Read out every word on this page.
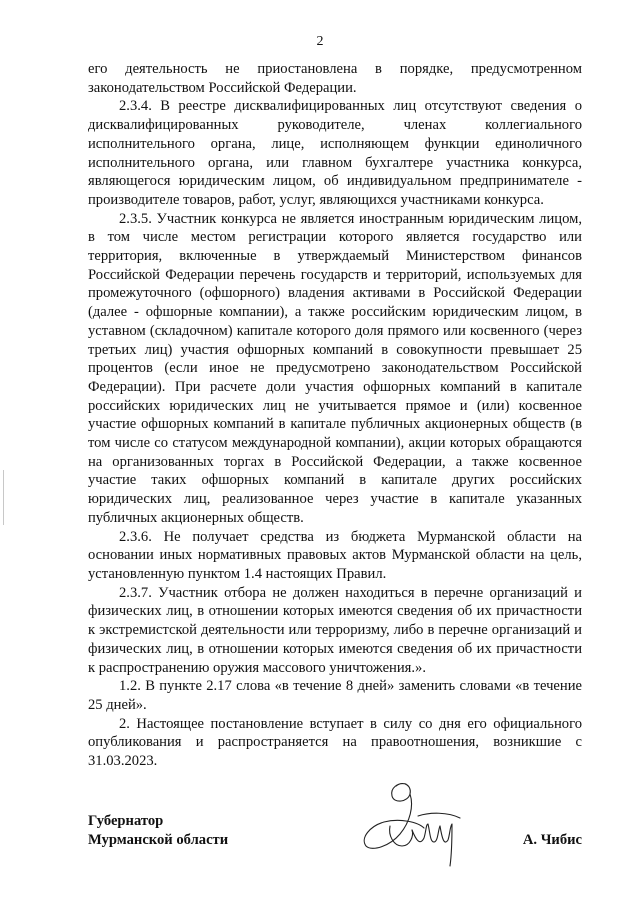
2

его деятельность не приостановлена в порядке, предусмотренном законодательством Российской Федерации.

2.3.4. В реестре дисквалифицированных лиц отсутствуют сведения о дисквалифицированных руководителе, членах коллегиального исполнительного органа, лице, исполняющем функции единоличного исполнительного органа, или главном бухгалтере участника конкурса, являющегося юридическим лицом, об индивидуальном предпринимателе - производителе товаров, работ, услуг, являющихся участниками конкурса.

2.3.5. Участник конкурса не является иностранным юридическим лицом, в том числе местом регистрации которого является государство или территория, включенные в утверждаемый Министерством финансов Российской Федерации перечень государств и территорий, используемых для промежуточного (офшорного) владения активами в Российской Федерации (далее - офшорные компании), а также российским юридическим лицом, в уставном (складочном) капитале которого доля прямого или косвенного (через третьих лиц) участия офшорных компаний в совокупности превышает 25 процентов (если иное не предусмотрено законодательством Российской Федерации). При расчете доли участия офшорных компаний в капитале российских юридических лиц не учитывается прямое и (или) косвенное участие офшорных компаний в капитале публичных акционерных обществ (в том числе со статусом международной компании), акции которых обращаются на организованных торгах в Российской Федерации, а также косвенное участие таких офшорных компаний в капитале других российских юридических лиц, реализованное через участие в капитале указанных публичных акционерных обществ.

2.3.6. Не получает средства из бюджета Мурманской области на основании иных нормативных правовых актов Мурманской области на цель, установленную пунктом 1.4 настоящих Правил.

2.3.7. Участник отбора не должен находиться в перечне организаций и физических лиц, в отношении которых имеются сведения об их причастности к экстремистской деятельности или терроризму, либо в перечне организаций и физических лиц, в отношении которых имеются сведения об их причастности к распространению оружия массового уничтожения.».

1.2. В пункте 2.17 слова «в течение 8 дней» заменить словами «в течение 25 дней».

2. Настоящее постановление вступает в силу со дня его официального опубликования и распространяется на правоотношения, возникшие с 31.03.2023.

Губернатор
Мурманской области	А. Чибис
